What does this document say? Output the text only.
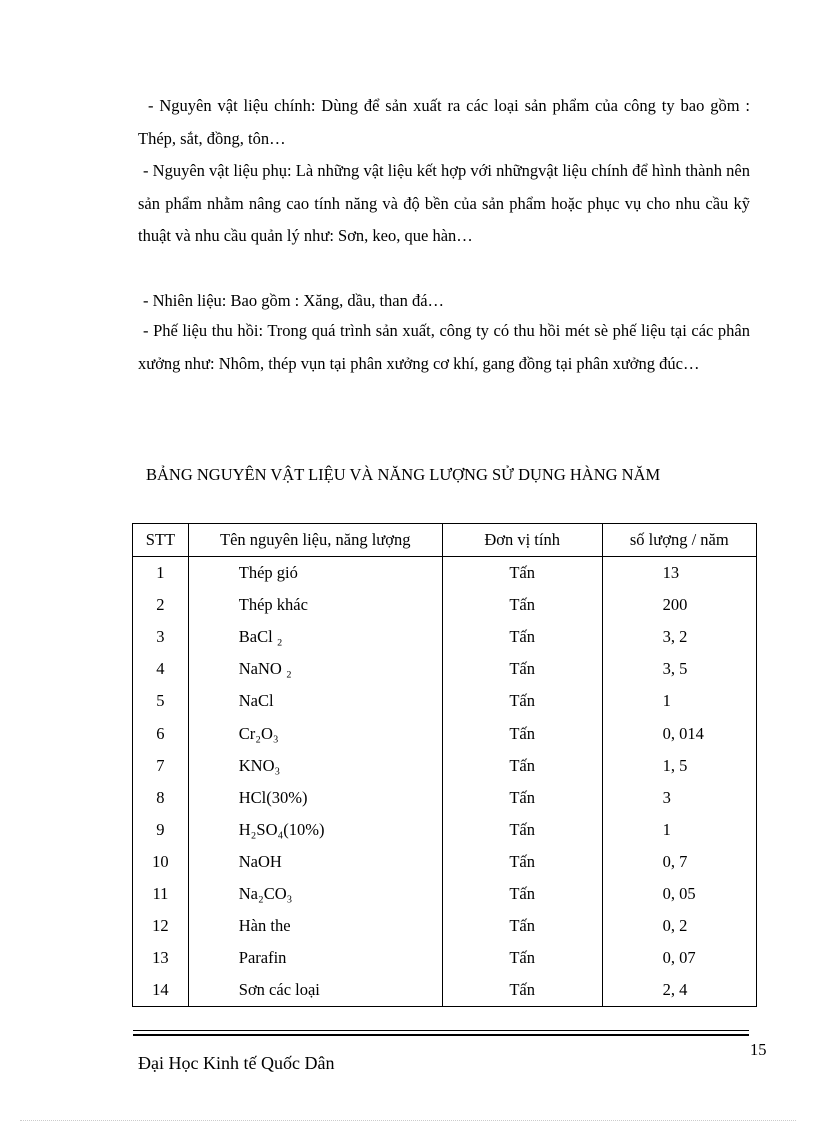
- Nguyên vật liệu chính: Dùng để sản xuất ra các loại sản phẩm của công ty bao gồm : Thép, sắt, đồng, tôn…

- Nguyên vật liệu phụ: Là những vật liệu kết hợp với nhữngvật liệu chính để hình thành nên sản phẩm nhằm nâng cao tính năng và độ bền của sản phẩm hoặc phục vụ cho nhu cầu kỹ thuật và nhu cầu quản lý như: Sơn, keo, que hàn…

- Nhiên liệu: Bao gồm : Xăng, dầu, than đá…

- Phế liệu thu hồi: Trong quá trình sản xuất, công ty có thu hồi mét sè phế liệu tại các phân xưởng như: Nhôm, thép vụn tại phân xưởng cơ khí, gang đồng tại phân xưởng đúc…

BẢNG NGUYÊN VẬT LIỆU VÀ NĂNG LƯỢNG SỬ DỤNG HÀNG NĂM

STT	Tên nguyên liệu, năng lượng	Đơn vị tính	số lượng / năm
1	Thép gió	Tấn	13
2	Thép khác	Tấn	200
3	BaCl ₂	Tấn	3, 2
4	NaNO ₂	Tấn	3, 5
5	NaCl	Tấn	1
6	Cr₂O₃	Tấn	0, 014
7	KNO₃	Tấn	1, 5
8	HCl(30%)	Tấn	3
9	H₂SO₄(10%)	Tấn	1
10	NaOH	Tấn	0, 7
11	Na₂CO₃	Tấn	0, 05
12	Hàn the	Tấn	0, 2
13	Parafin	Tấn	0, 07
14	Sơn các loại	Tấn	2, 4
15
Đại Học Kinh tế Quốc Dân
